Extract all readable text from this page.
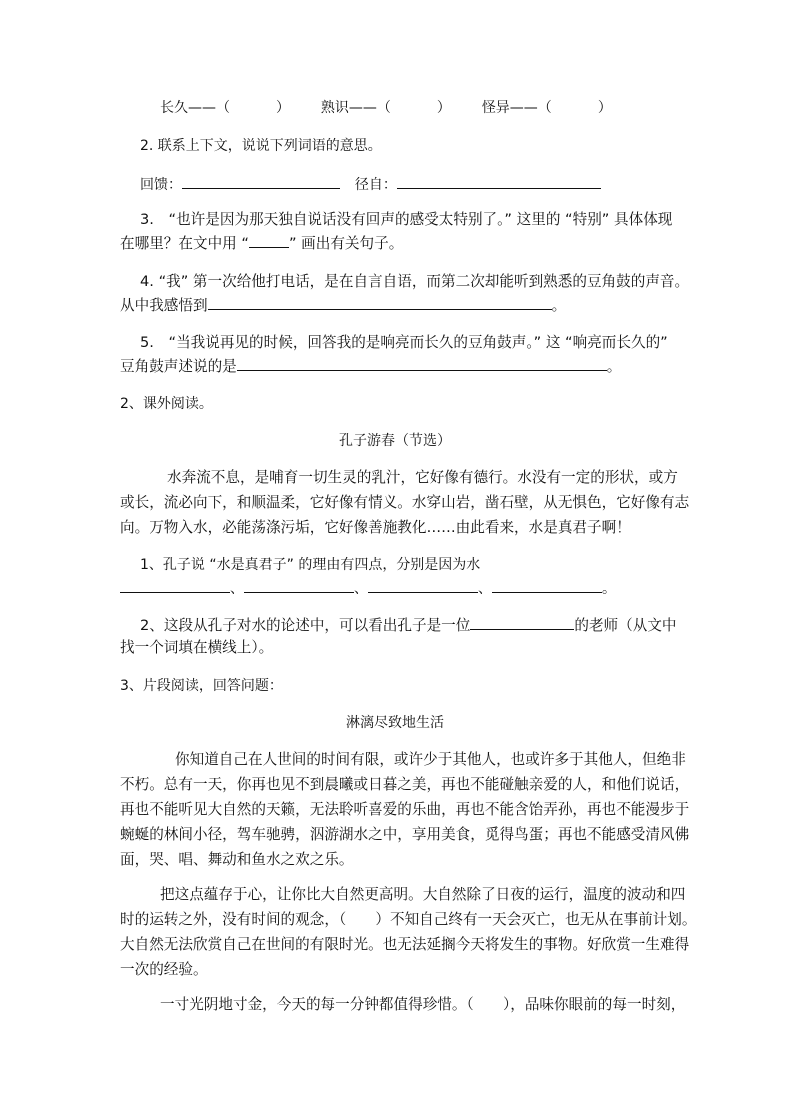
长久——（	） 熟识——（	） 怪异——（	）
2. 联系上下文，说说下列词语的意思。
回馈：	径自：
3.　“也许是因为那天独自说话没有回声的感受太特别了。” 这里的 “特别” 具体体现
在哪里？在文中用 “	” 画出有关句子。
4. “我” 第一次给他打电话，是在自言自语，而第二次却能听到熟悉的豆角鼓的声音。
从中我感悟到	。
5.　“当我说再见的时候，回答我的是响亮而长久的豆角鼓声。” 这 “响亮而长久的”
豆角鼓声述说的是	。
2、课外阅读。
孔子游春（节选）
水奔流不息，是哺育一切生灵的乳汁，它好像有德行。水没有一定的形状，或方
或长，流必向下，和顺温柔，它好像有情义。水穿山岩，凿石壁，从无惧色，它好像有志
向。万物入水，必能荡涤污垢，它好像善施教化……由此看来，水是真君子啊！
1、孔子说 “水是真君子” 的理由有四点，分别是因为水
、	、	、	。
2、这段从孔子对水的论述中，可以看出孔子是一位	的老师（从文中
找一个词填在横线上）。
3、片段阅读，回答问题：
淋漓尽致地生活
你知道自己在人世间的时间有限，或许少于其他人，也或许多于其他人，但绝非
不朽。总有一天，你再也见不到晨曦或日暮之美，再也不能碰触亲爱的人，和他们说话，
再也不能听见大自然的天籁，无法聆听喜爱的乐曲，再也不能含饴弄孙，再也不能漫步于
蜿蜒的林间小径，驾车驰骋，泅游湖水之中，享用美食，觅得鸟蛋；再也不能感受清风佛
面，哭、唱、舞动和鱼水之欢之乐。
把这点蕴存于心，让你比大自然更高明。大自然除了日夜的运行，温度的波动和四
时的运转之外，没有时间的观念，（　　）不知自己终有一天会灭亡，也无从在事前计划。
大自然无法欣赏自己在世间的有限时光。也无法延搁今天将发生的事物。好欣赏一生难得
一次的经验。
一寸光阴地寸金，今天的每一分钟都值得珍惜。（　　），品味你眼前的每一时刻，
